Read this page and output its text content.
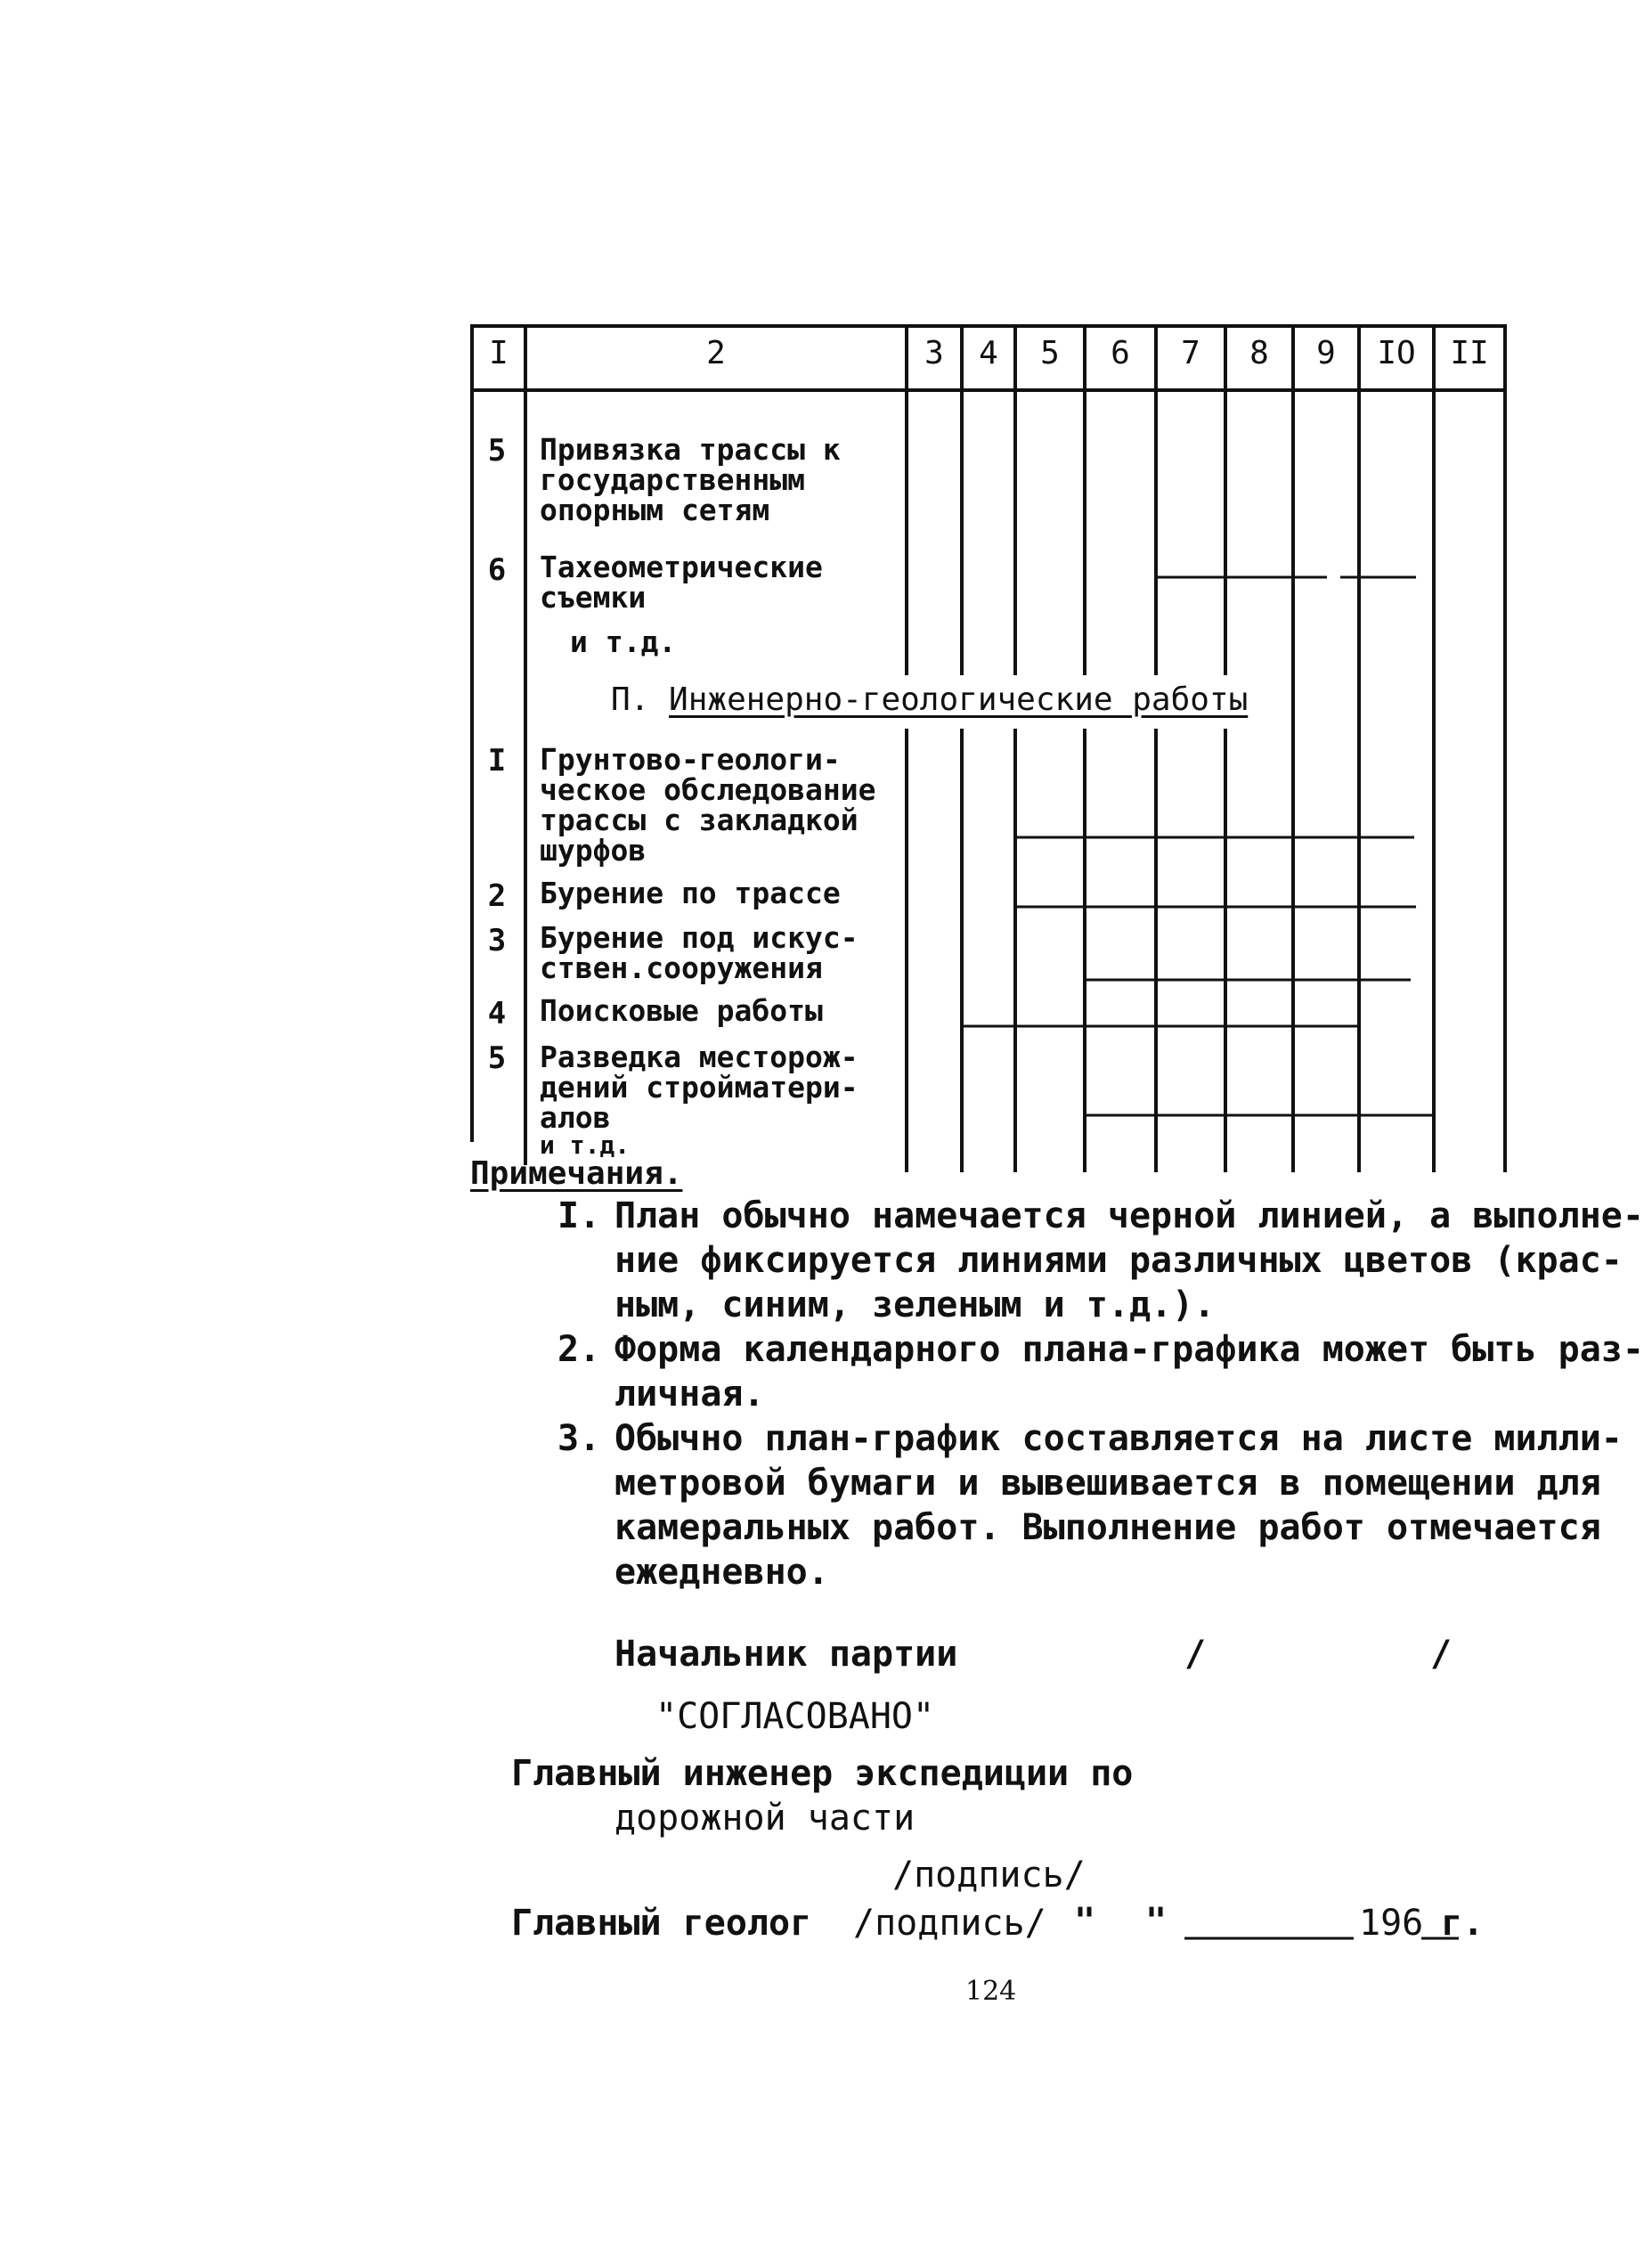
I	2	3	4	5	6	7	8	9	IO	II
5	Привязка трассы к
государственным
опорным сетям
6	Тахеометрические
съемки
и т.д.
П. Инженерно-геологические работы
I	Грунтово-геологи-
ческое обследование
трассы с закладкой
шурфов
2	Бурение по трассе
3	Бурение под искус-
ствен.сооружения
4	Поисковые работы
5	Разведка месторож-
дений стройматери-
алов
и т.д.
Примечания.
I. План обычно намечается черной линией, а выполне-
ние фиксируется линиями различных цветов (крас-
ным, синим, зеленым и т.д.).
2. Форма календарного плана-графика может быть раз-
личная.
3. Обычно план-график составляется на листе милли-
метровой бумаги и вывешивается в помещении для
камеральных работ. Выполнение работ отмечается
ежедневно.
Начальник партии	/	/
"СОГЛАСОВАНО"
Главный инженер экспедиции по
дорожной части
/подпись/
Главный геолог /подпись/ " "	196 г.
124
